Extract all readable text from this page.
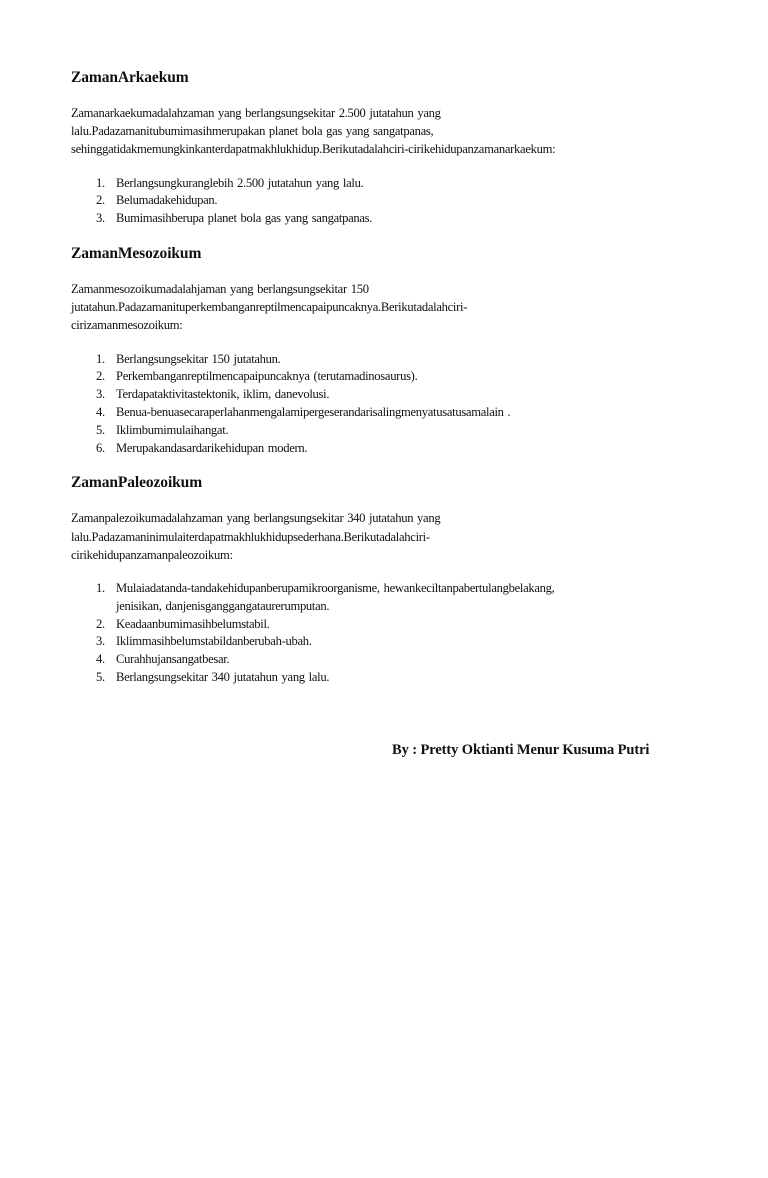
ZamanArkaekum

Zamanarkaekumadalahzaman yang berlangsungsekitar 2.500 jutatahun yang
lalu.Padazamanitubumimasihmerupakan planet bola gas yang sangatpanas,
sehinggatidakmemungkinkanterdapatmakhlukhidup.Berikutadalahciri-cirikehidupanzamanarkaekum:

1. Berlangsungkuranglebih 2.500 jutatahun yang lalu.
2. Belumadakehidupan.
3. Bumimasihberupa planet bola gas yang sangatpanas.
ZamanMesozoikum

Zamanmesozoikumadalahjaman yang berlangsungsekitar 150
jutatahun.Padazamanituperkembanganreptilmencapaipuncaknya.Berikutadalahciri-
cirizamanmesozoikum:

1. Berlangsungsekitar 150 jutatahun.
2. Perkembanganreptilmencapaipuncaknya (terutamadinosaurus).
3. Terdapataktivitastektonik, iklim, danevolusi.
4. Benua-benuasecaraperlahanmengalamipergeserandarisalingmenyatusatusamalain .
5. Iklimbumimulaihangat.
6. Merupakandasardarikehidupan modern.
ZamanPaleozoikum

Zamanpalezoikumadalahzaman yang berlangsungsekitar 340 jutatahun yang
lalu.Padazamaninimulaiterdapatmakhlukhidupsederhana.Berikutadalahciri-
cirikehidupanzamanpaleozoikum:

1. Mulaiadatanda-tandakehidupanberupamikroorganisme, hewankeciltanpabertulangbelakang,
jenisikan, danjenisganggangataurerumputan.
2. Keadaanbumimasihbelumstabil.
3. Iklimmasihbelumstabildanberubah-ubah.
4. Curahhujansangatbesar.
5. Berlangsungsekitar 340 jutatahun yang lalu.
By : Pretty Oktianti Menur Kusuma Putri
